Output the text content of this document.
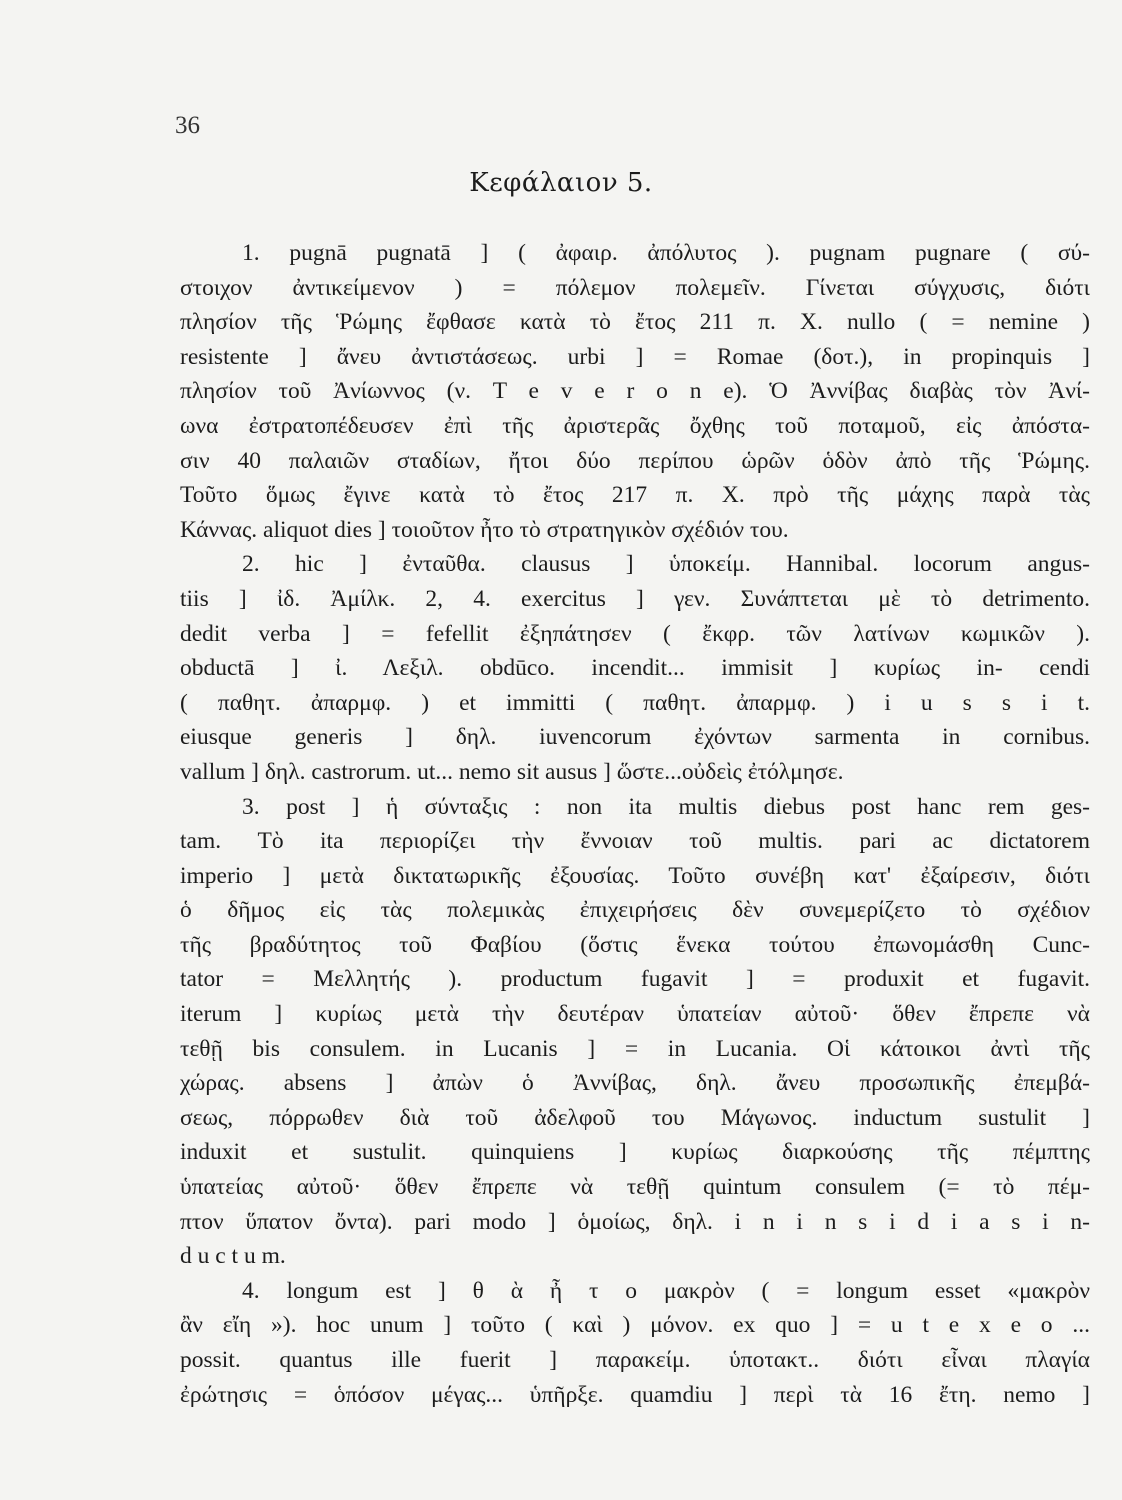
36
Κεφάλαιον 5.
1. pugnā pugnatā ] ( ἀφαιρ. ἀπόλυτος ). pugnam pugnare ( σύ-
στοιχον ἀντικείμενον ) = πόλεμον πολεμεῖν. Γίνεται σύγχυσις, διότι
πλησίον τῆς Ῥώμης ἔφθασε κατὰ τὸ ἔτος 211 π. Χ. nullo ( = nemine )
resistente ] ἄνευ ἀντιστάσεως. urbi ] = Romae (δοτ.), in propinquis ]
πλησίον τοῦ Ἀνίωννος (ν. T e v e r o n e). Ὁ Ἀννίβας διαβὰς τὸν Ἀνί-
ωνα ἐστρατοπέδευσεν ἐπὶ τῆς ἀριστερᾶς ὄχθης τοῦ ποταμοῦ, εἰς ἀπόστα-
σιν 40 παλαιῶν σταδίων, ἤτοι δύο περίπου ὡρῶν ὁδὸν ἀπὸ τῆς Ῥώμης.
Τοῦτο ὅμως ἔγινε κατὰ τὸ ἔτος 217 π. Χ. πρὸ τῆς μάχης παρὰ τὰς
Κάννας. aliquot dies ] τοιοῦτον ἦτο τὸ στρατηγικὸν σχέδιόν του.
2. hic ] ἐνταῦθα. clausus ] ὑποκείμ. Hannibal. locorum angus-
tiis ] ἰδ. Ἀμίλκ. 2, 4. exercitus ] γεν. Συνάπτεται μὲ τὸ detrimento.
dedit verba ] = fefellit ἐξηπάτησεν ( ἔκφρ. τῶν λατίνων κωμικῶν ).
obductā ] ἰ. Λεξιλ. obdūco. incendit... immisit ] κυρίως in- cendi
( παθητ. ἀπαρμφ. ) et immitti ( παθητ. ἀπαρμφ. ) i u s s i t.
eiusque generis ] δηλ. iuvencorum ἐχόντων sarmenta in cornibus.
vallum ] δηλ. castrorum. ut... nemo sit ausus ] ὥστε...οὐδεὶς ἐτόλμησε.
3. post ] ἡ σύνταξις : non ita multis diebus post hanc rem ges-
tam. Τὸ ita περιορίζει τὴν ἔννοιαν τοῦ multis. pari ac dictatorem
imperio ] μετὰ δικτατωρικῆς ἐξουσίας. Τοῦτο συνέβη κατ' ἐξαίρεσιν, διότι
ὁ δῆμος εἰς τὰς πολεμικὰς ἐπιχειρήσεις δὲν συνεμερίζετο τὸ σχέδιον
τῆς βραδύτητος τοῦ Φαβίου (ὅστις ἕνεκα τούτου ἐπωνομάσθη Cunc-
tator = Μελλητής ). productum fugavit ] = produxit et fugavit.
iterum ] κυρίως μετὰ τὴν δευτέραν ὑπατείαν αὐτοῦ· ὅθεν ἔπρεπε νὰ
τεθῇ bis consulem. in Lucanis ] = in Lucania. Οἱ κάτοικοι ἀντὶ τῆς
χώρας. absens ] ἀπὼν ὁ Ἀννίβας, δηλ. ἄνευ προσωπικῆς ἐπεμβά-
σεως, πόρρωθεν διὰ τοῦ ἀδελφοῦ του Μάγωνος. inductum sustulit ]
induxit et sustulit. quinquiens ] κυρίως διαρκούσης τῆς πέμπτης
ὑπατείας αὐτοῦ· ὅθεν ἔπρεπε νὰ τεθῇ quintum consulem (= τὸ πέμ-
πτον ὕπατον ὄντα). pari modo ] ὁμοίως, δηλ. i n i n s i d i a s i n-
d u c t u m.
4. longum est ] θ ὰ ἦ τ ο μακρὸν ( = longum esset «μακρὸν
ἂν εἴη »). hoc unum ] τοῦτο ( καὶ ) μόνον. ex quo ] = u t e x e o ...
possit. quantus ille fuerit ] παρακείμ. ὑποτακτ.. διότι εἶναι πλαγία
ἐρώτησις = ὁπόσον μέγας... ὑπῆρξε. quamdiu ] περὶ τὰ 16 ἔτη. nemo ]
